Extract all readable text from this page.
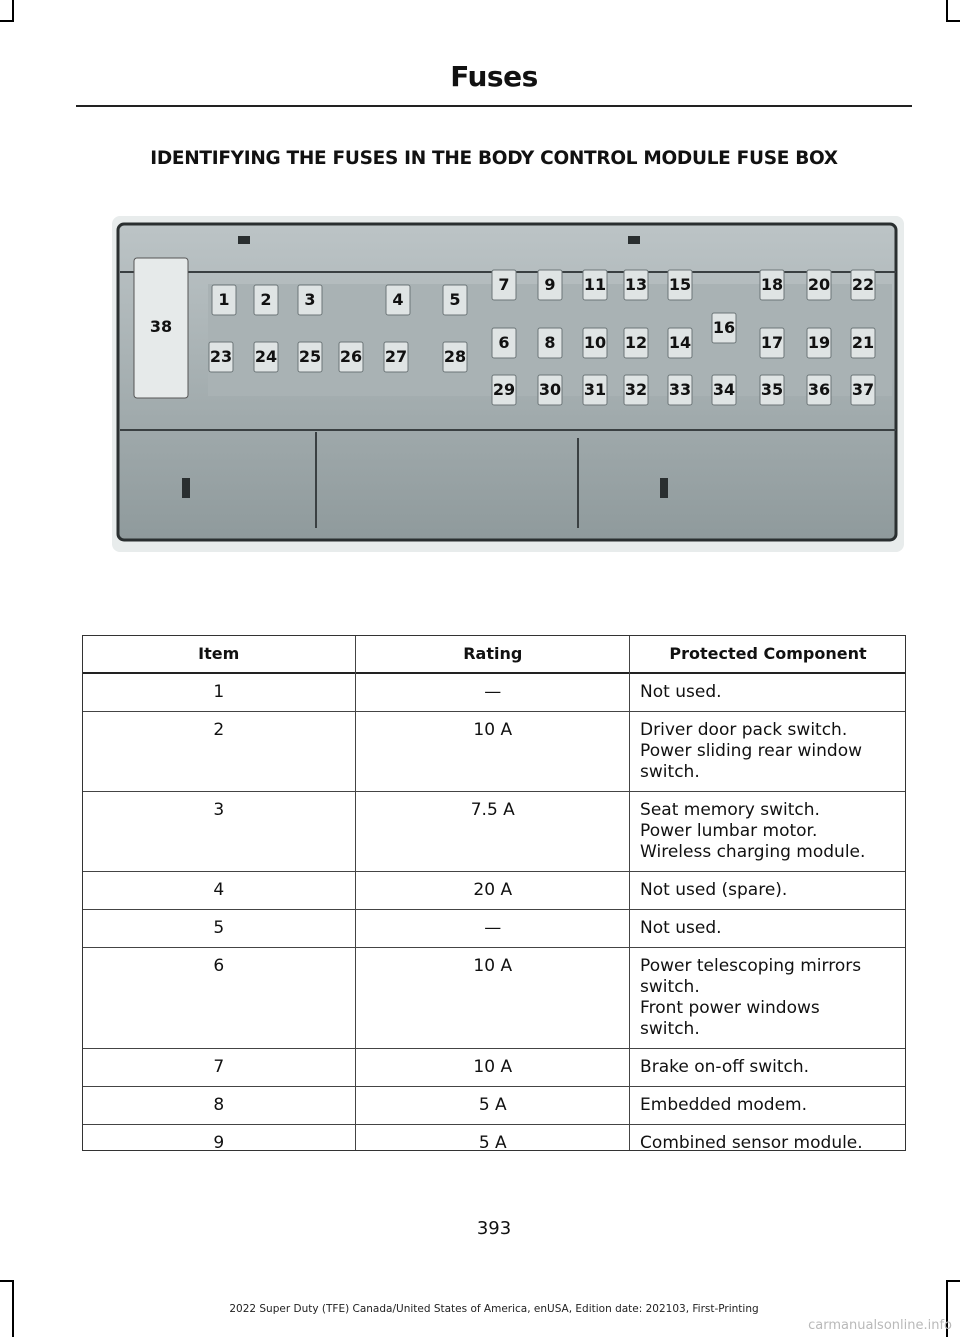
Fuses
IDENTIFYING THE FUSES IN THE BODY CONTROL MODULE FUSE BOX
1 2 3	4	5
6
7
8
9
10
11
12
13
14
15
16
17
18
19
20
21
22
23 24 25 26 27 28
29 30 31 32 33 34 35 36 37
38
Item	Rating	Protected Component
1	—	Not used.

2	10 A	Driver door pack switch.
Power sliding rear window
switch.

3	7.5 A	Seat memory switch.
Power lumbar motor.
Wireless charging module.

4	20 A	Not used (spare).

5	—	Not used.

6	10 A	Power telescoping mirrors
switch.
Front power windows
switch.

7	10 A	Brake on-off switch.

8	5 A	Embedded modem.

9	5 A	Combined sensor module.
393
2022 Super Duty (TFE) Canada/United States of America, enUSA, Edition date: 202103, First-Printing
carmanualsonline.info
